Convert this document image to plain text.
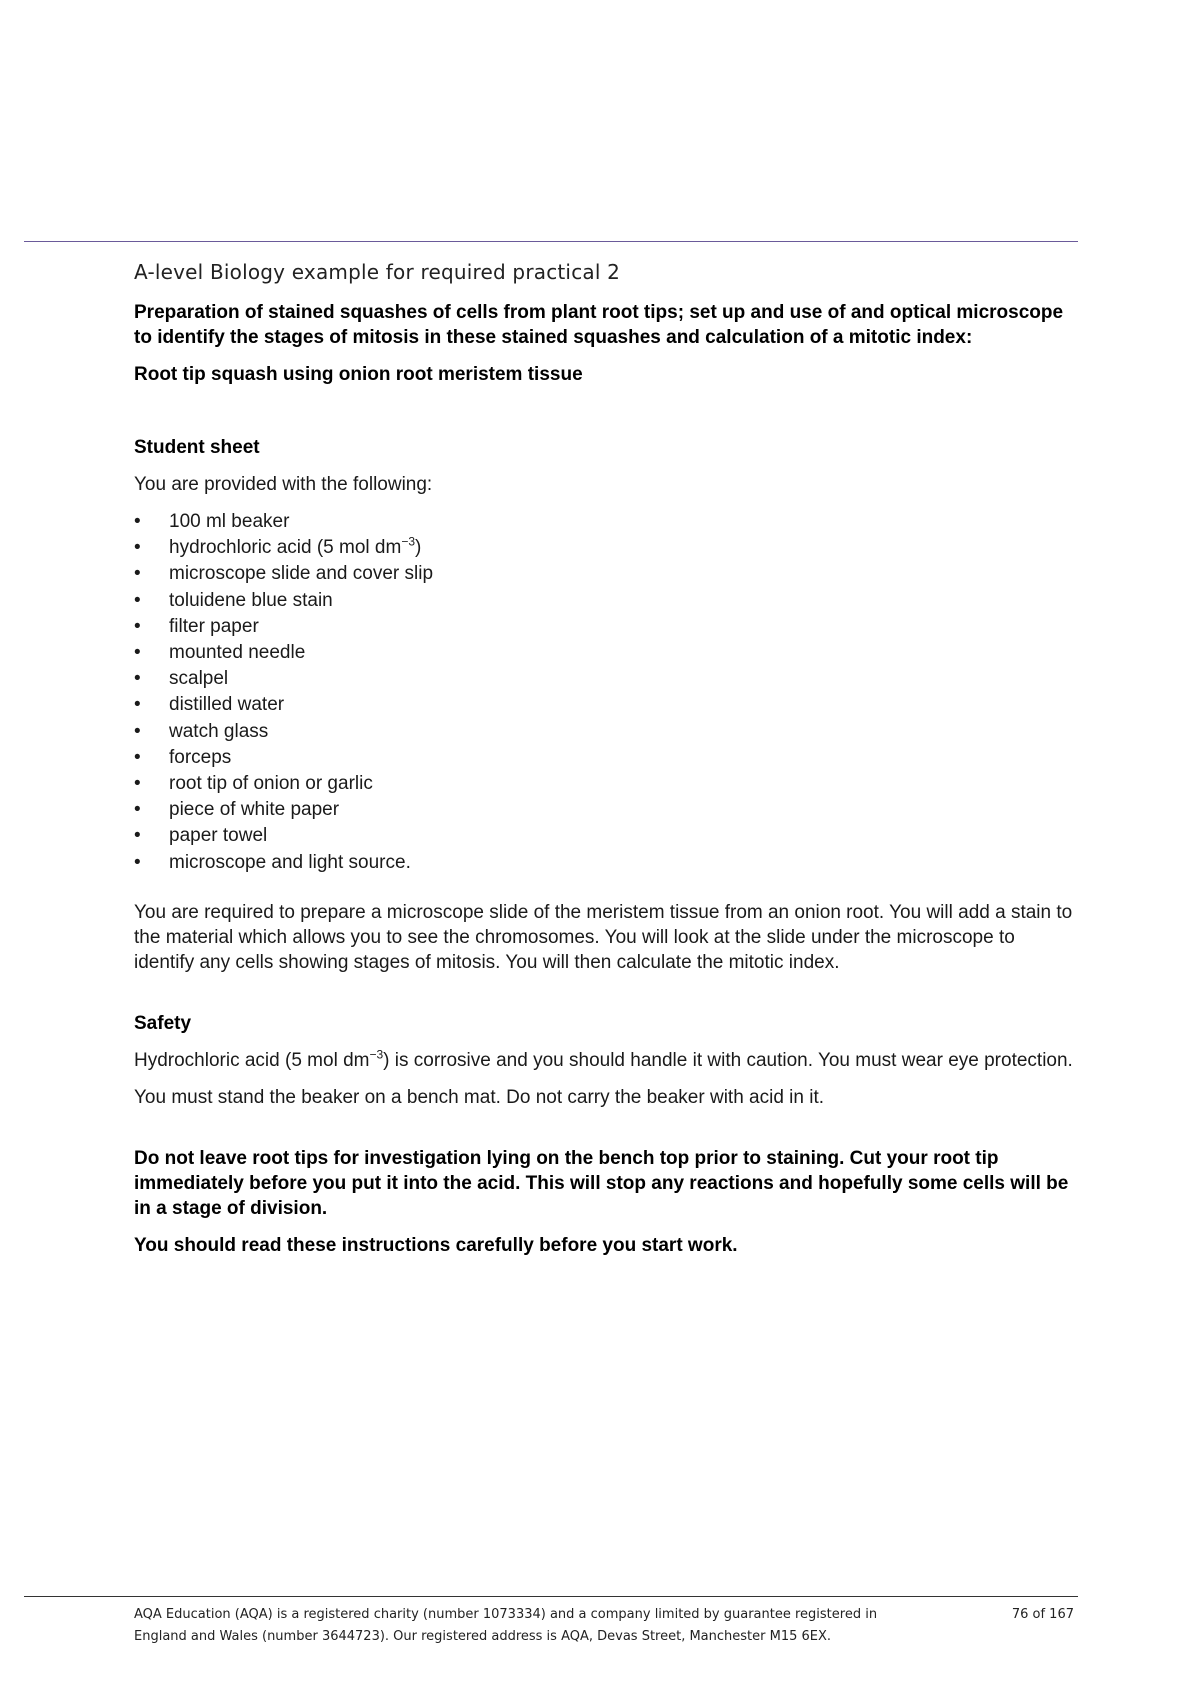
A-level Biology example for required practical 2
Preparation of stained squashes of cells from plant root tips; set up and use of and optical microscope to identify the stages of mitosis in these stained squashes and calculation of a mitotic index:
Root tip squash using onion root meristem tissue
Student sheet

You are provided with the following:

• 100 ml beaker
• hydrochloric acid (5 mol $dm^{-3}$)
• microscope slide and cover slip
• toluidene blue stain
• filter paper
• mounted needle
• scalpel
• distilled water
• watch glass
• forceps
• root tip of onion or garlic
• piece of white paper
• paper towel
• microscope and light source.

You are required to prepare a microscope slide of the meristem tissue from an onion root. You will add a stain to the material which allows you to see the chromosomes. You will look at the slide under the microscope to identify any cells showing stages of mitosis. You will then calculate the mitotic index.

Safety

Hydrochloric acid (5 mol $dm^{-3}$) is corrosive and you should handle it with caution. You must wear eye protection.

You must stand the beaker on a bench mat. Do not carry the beaker with acid in it.

Do not leave root tips for investigation lying on the bench top prior to staining. Cut your root tip immediately before you put it into the acid. This will stop any reactions and hopefully some cells will be in a stage of division.
You should read these instructions carefully before you start work.
AQA Education (AQA) is a registered charity (number 1073334) and a company limited by guarantee registered in
England and Wales (number 3644723). Our registered address is AQA, Devas Street, Manchester M15 6EX.
76 of 167
